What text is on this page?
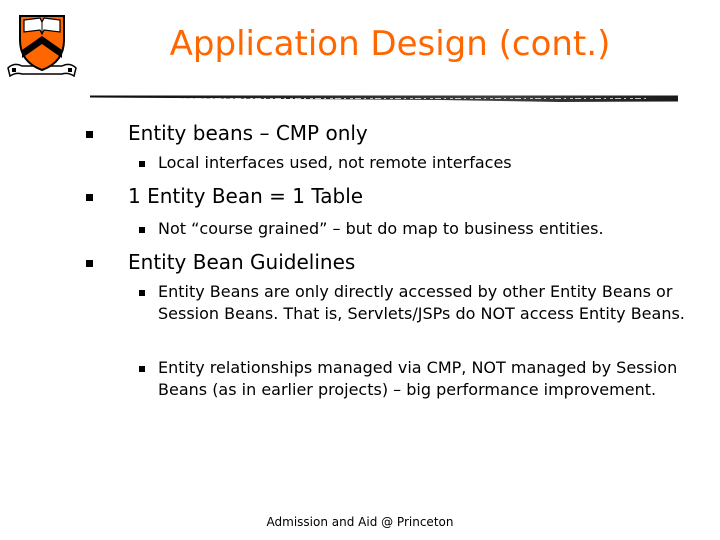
Application Design (cont.)
Entity beans – CMP only
Local interfaces used, not remote interfaces
1 Entity Bean = 1 Table
Not “course grained” – but do map to business entities.
Entity Bean Guidelines
Entity Beans are only directly accessed by other Entity Beans or Session Beans. That is, Servlets/JSPs do NOT access Entity Beans.
Entity relationships managed via CMP, NOT managed by Session Beans (as in earlier projects) – big performance improvement.
Admission and Aid @ Princeton
